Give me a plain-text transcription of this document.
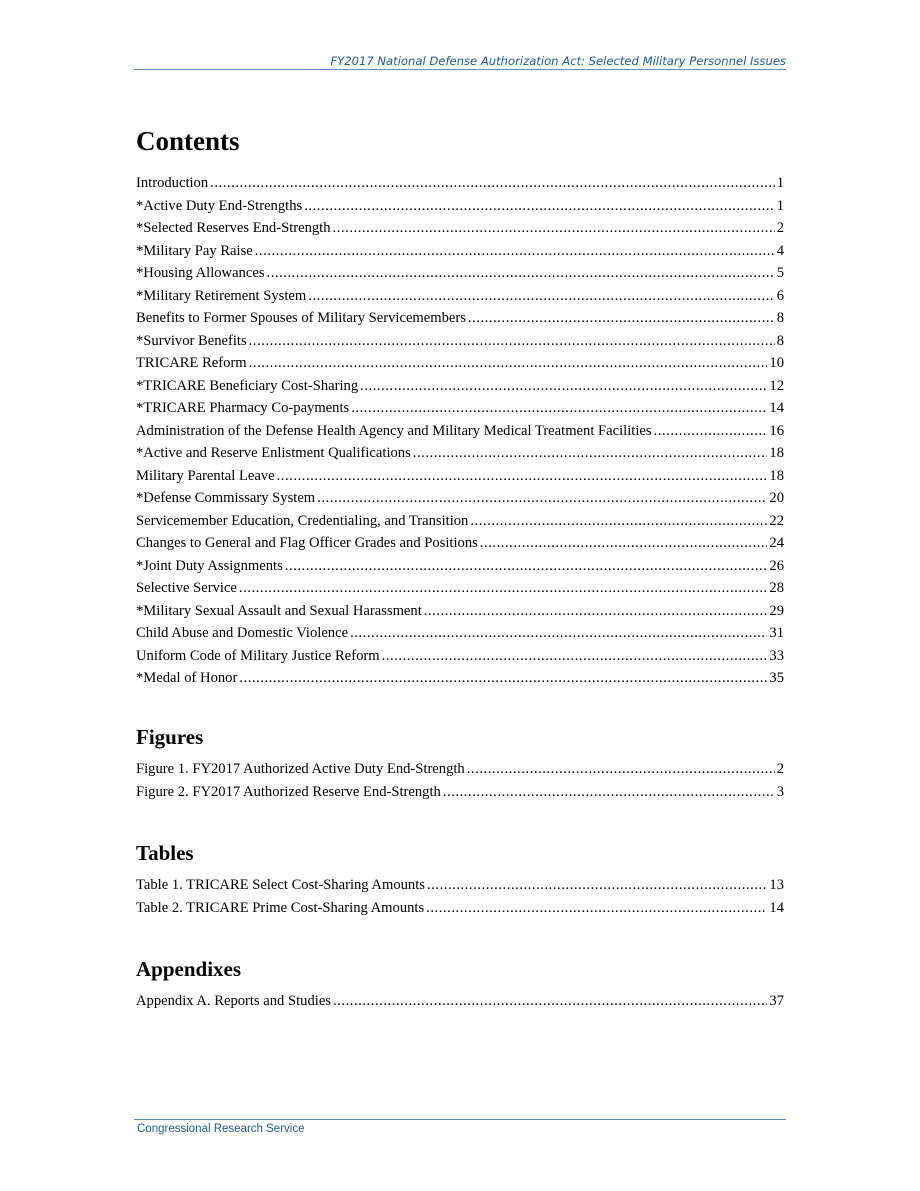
FY2017 National Defense Authorization Act: Selected Military Personnel Issues
Contents
Introduction . . .	1
*Active Duty End-Strengths . . .	1
*Selected Reserves End-Strength . . .	2
*Military Pay Raise . . .	4
*Housing Allowances . . .	5
*Military Retirement System . . .	6
Benefits to Former Spouses of Military Servicemembers . . .	8
*Survivor Benefits . . .	8
TRICARE Reform . . .	10
*TRICARE Beneficiary Cost-Sharing . . .	12
*TRICARE Pharmacy Co-payments . . .	14
Administration of the Defense Health Agency and Military Medical Treatment Facilities . . .	16
*Active and Reserve Enlistment Qualifications . . .	18
Military Parental Leave . . .	18
*Defense Commissary System . . .	20
Servicemember Education, Credentialing, and Transition . . .	22
Changes to General and Flag Officer Grades and Positions . . .	24
*Joint Duty Assignments . . .	26
Selective Service . . .	28
*Military Sexual Assault and Sexual Harassment . . .	29
Child Abuse and Domestic Violence . . .	31
Uniform Code of Military Justice Reform . . .	33
*Medal of Honor . . .	35
Figures
Figure 1. FY2017 Authorized Active Duty End-Strength . . .	2
Figure 2. FY2017 Authorized Reserve End-Strength . . .	3
Tables
Table 1. TRICARE Select Cost-Sharing Amounts . . .	13
Table 2. TRICARE Prime Cost-Sharing Amounts . . .	14
Appendixes
Appendix A. Reports and Studies . . .	37
Congressional Research Service
